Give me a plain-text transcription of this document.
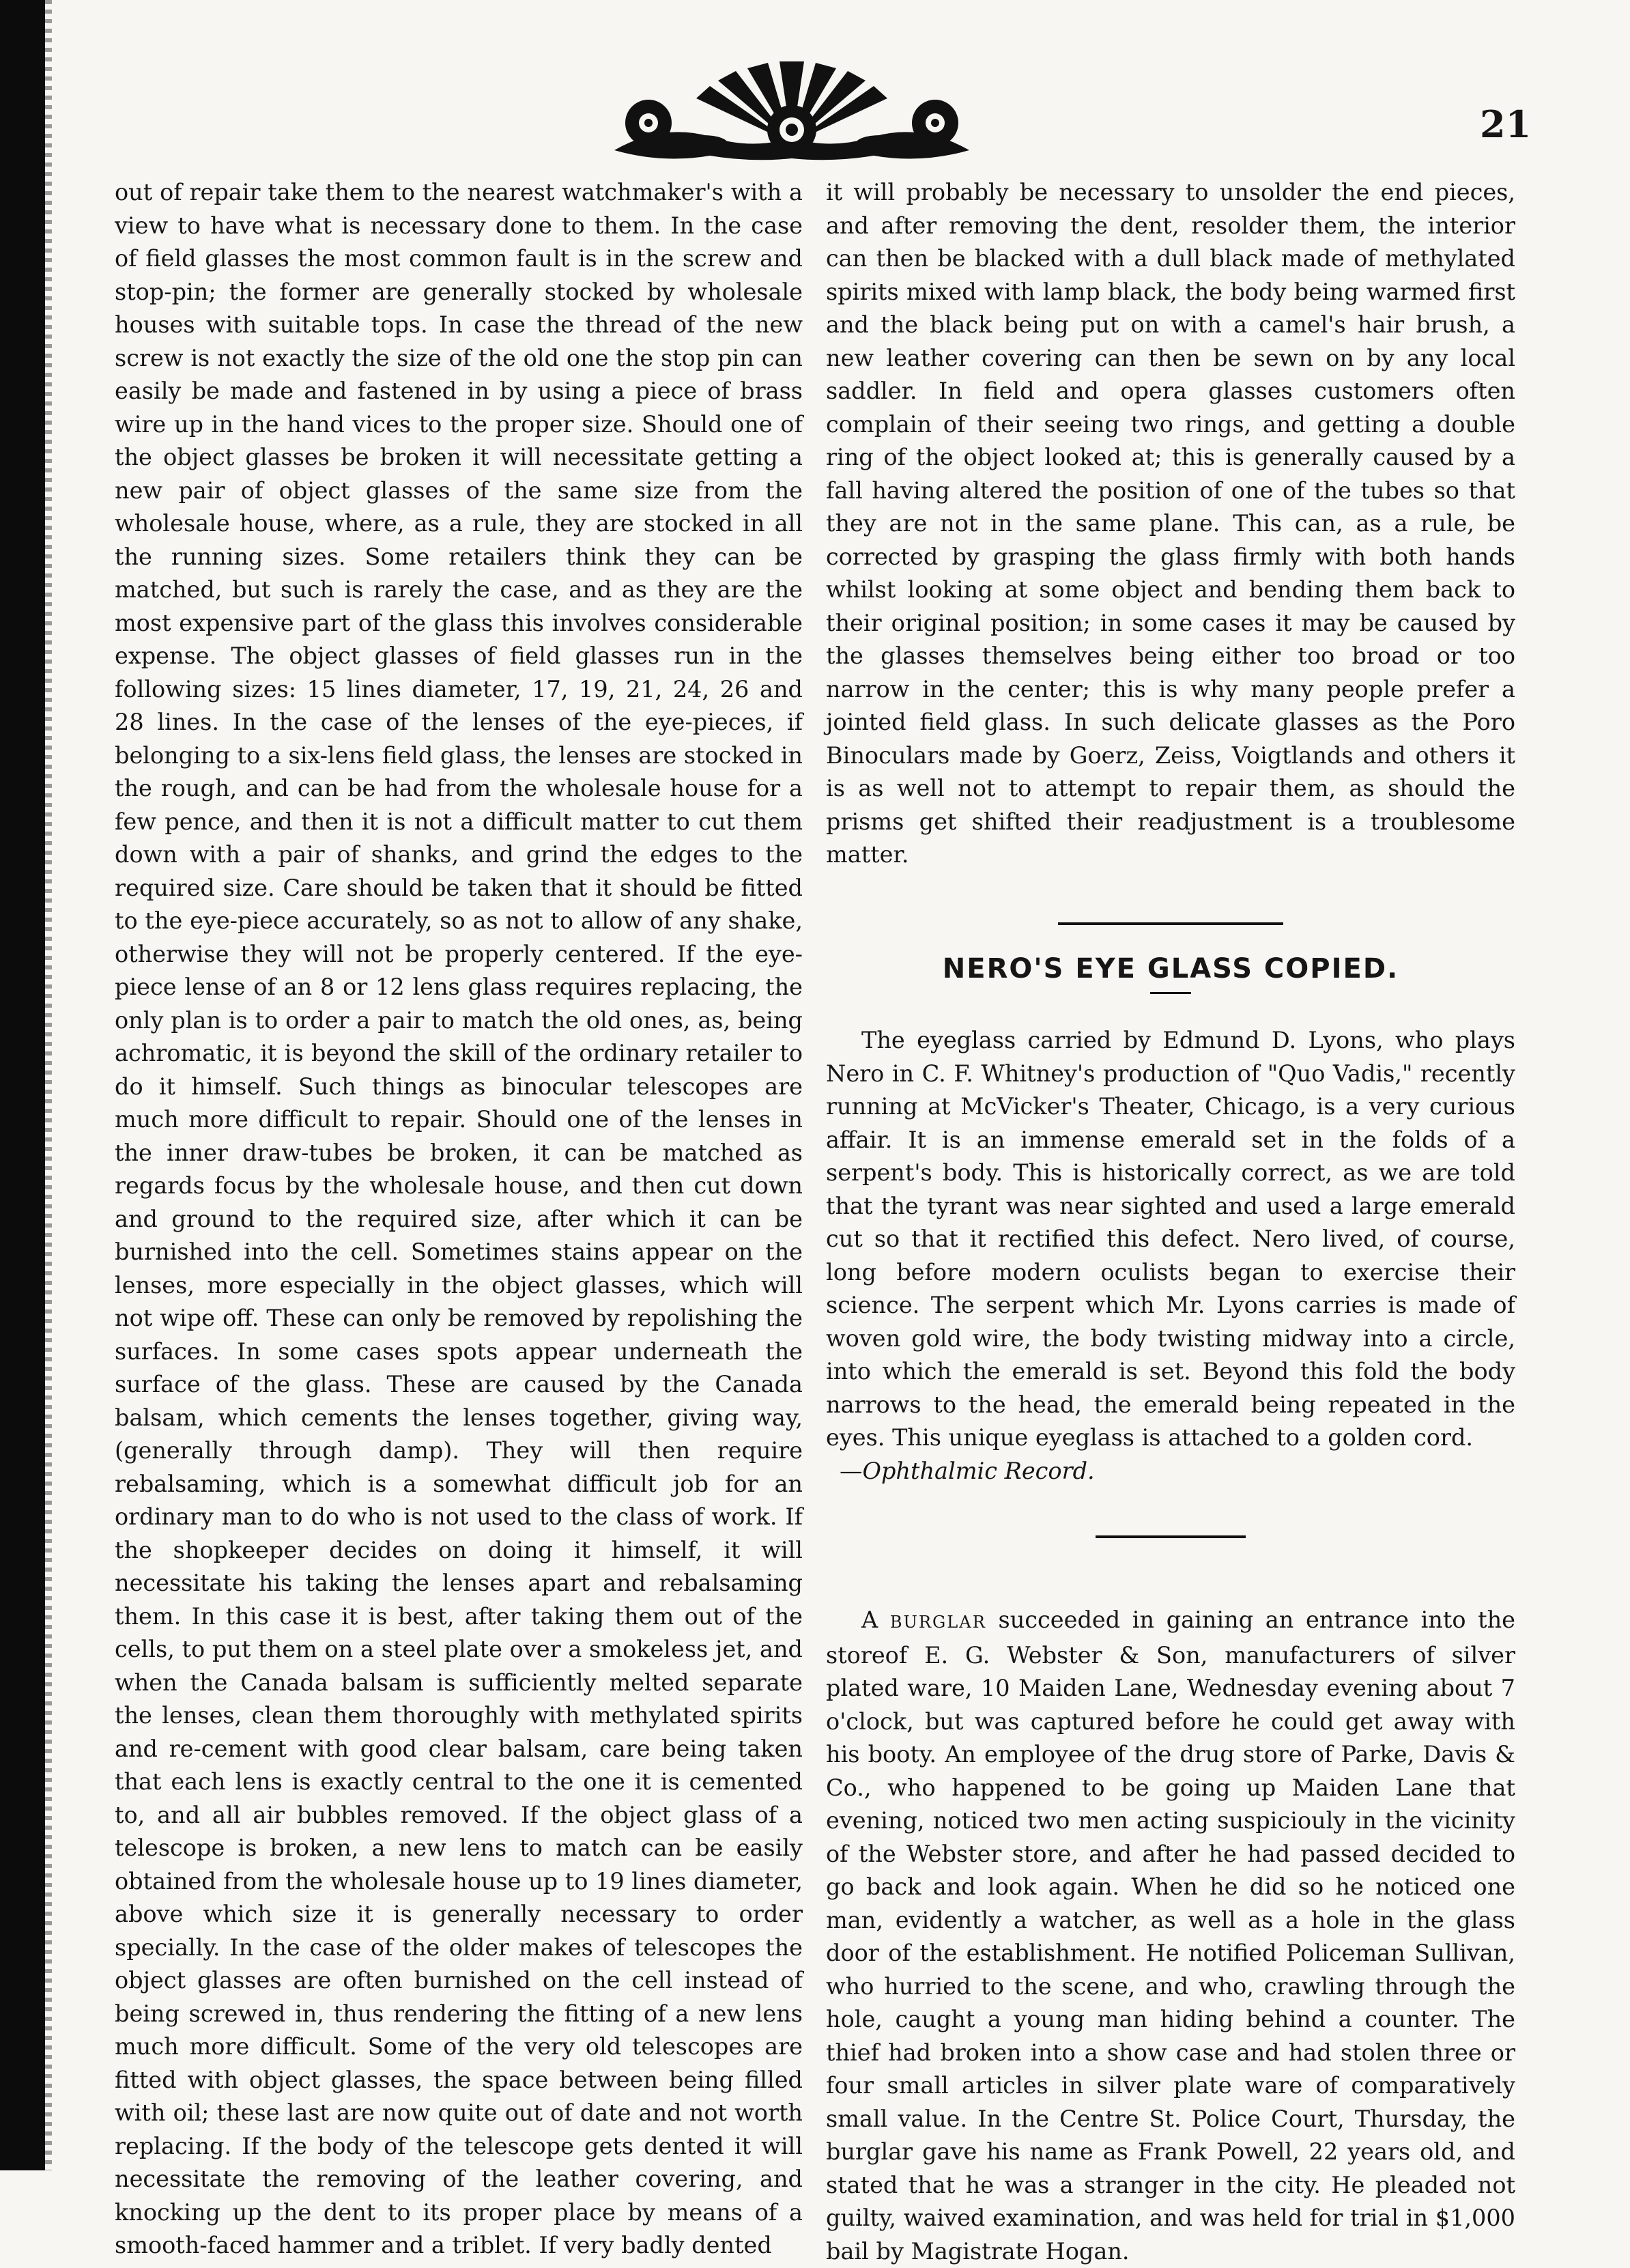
21

out of repair take them to the nearest watchmaker's with a view to have what is necessary done to them. In the case of field glasses the most common fault is in the screw and stop-pin; the former are generally stocked by wholesale houses with suitable tops. In case the thread of the new screw is not exactly the size of the old one the stop pin can easily be made and fastened in by using a piece of brass wire up in the hand vices to the proper size. Should one of the object glasses be broken it will necessitate getting a new pair of object glasses of the same size from the wholesale house, where, as a rule, they are stocked in all the running sizes. Some retailers think they can be matched, but such is rarely the case, and as they are the most expensive part of the glass this involves considerable expense. The object glasses of field glasses run in the following sizes: 15 lines diameter, 17, 19, 21, 24, 26 and 28 lines. In the case of the lenses of the eye-pieces, if belonging to a six-lens field glass, the lenses are stocked in the rough, and can be had from the wholesale house for a few pence, and then it is not a difficult matter to cut them down with a pair of shanks, and grind the edges to the required size. Care should be taken that it should be fitted to the eye-piece accurately, so as not to allow of any shake, otherwise they will not be properly centered. If the eye-piece lense of an 8 or 12 lens glass requires replacing, the only plan is to order a pair to match the old ones, as, being achromatic, it is beyond the skill of the ordinary retailer to do it himself. Such things as binocular telescopes are much more difficult to repair. Should one of the lenses in the inner draw-tubes be broken, it can be matched as regards focus by the wholesale house, and then cut down and ground to the required size, after which it can be burnished into the cell. Sometimes stains appear on the lenses, more especially in the object glasses, which will not wipe off. These can only be removed by repolishing the surfaces. In some cases spots appear underneath the surface of the glass. These are caused by the Canada balsam, which cements the lenses together, giving way, (generally through damp). They will then require rebalsaming, which is a somewhat difficult job for an ordinary man to do who is not used to the class of work. If the shopkeeper decides on doing it himself, it will necessitate his taking the lenses apart and rebalsaming them. In this case it is best, after taking them out of the cells, to put them on a steel plate over a smokeless jet, and when the Canada balsam is sufficiently melted separate the lenses, clean them thoroughly with methylated spirits and re-cement with good clear balsam, care being taken that each lens is exactly central to the one it is cemented to, and all air bubbles removed. If the object glass of a telescope is broken, a new lens to match can be easily obtained from the wholesale house up to 19 lines diameter, above which size it is generally necessary to order specially. In the case of the older makes of telescopes the object glasses are often burnished on the cell instead of being screwed in, thus rendering the fitting of a new lens much more difficult. Some of the very old telescopes are fitted with object glasses, the space between being filled with oil; these last are now quite out of date and not worth replacing. If the body of the telescope gets dented it will necessitate the removing of the leather covering, and knocking up the dent to its proper place by means of a smooth-faced hammer and a triblet. If very badly dented

it will probably be necessary to unsolder the end pieces, and after removing the dent, resolder them, the interior can then be blacked with a dull black made of methylated spirits mixed with lamp black, the body being warmed first and the black being put on with a camel's hair brush, a new leather covering can then be sewn on by any local saddler. In field and opera glasses customers often complain of their seeing two rings, and getting a double ring of the object looked at; this is generally caused by a fall having altered the position of one of the tubes so that they are not in the same plane. This can, as a rule, be corrected by grasping the glass firmly with both hands whilst looking at some object and bending them back to their original position; in some cases it may be caused by the glasses themselves being either too broad or too narrow in the center; this is why many people prefer a jointed field glass. In such delicate glasses as the Poro Binoculars made by Goerz, Zeiss, Voigtlands and others it is as well not to attempt to repair them, as should the prisms get shifted their readjustment is a troublesome matter.

NERO'S EYE GLASS COPIED.

The eyeglass carried by Edmund D. Lyons, who plays Nero in C. F. Whitney's production of "Quo Vadis," recently running at McVicker's Theater, Chicago, is a very curious affair. It is an immense emerald set in the folds of a serpent's body. This is historically correct, as we are told that the tyrant was near sighted and used a large emerald cut so that it rectified this defect. Nero lived, of course, long before modern oculists began to exercise their science. The serpent which Mr. Lyons carries is made of woven gold wire, the body twisting midway into a circle, into which the emerald is set. Beyond this fold the body narrows to the head, the emerald being repeated in the eyes. This unique eyeglass is attached to a golden cord.

—Ophthalmic Record.

A BURGLAR succeeded in gaining an entrance into the storeof E. G. Webster & Son, manufacturers of silver plated ware, 10 Maiden Lane, Wednesday evening about 7 o'clock, but was captured before he could get away with his booty. An employee of the drug store of Parke, Davis & Co., who happened to be going up Maiden Lane that evening, noticed two men acting suspiciouly in the vicinity of the Webster store, and after he had passed decided to go back and look again. When he did so he noticed one man, evidently a watcher, as well as a hole in the glass door of the establishment. He notified Policeman Sullivan, who hurried to the scene, and who, crawling through the hole, caught a young man hiding behind a counter. The thief had broken into a show case and had stolen three or four small articles in silver plate ware of comparatively small value. In the Centre St. Police Court, Thursday, the burglar gave his name as Frank Powell, 22 years old, and stated that he was a stranger in the city. He pleaded not guilty, waived examination, and was held for trial in $1,000 bail by Magistrate Hogan.
